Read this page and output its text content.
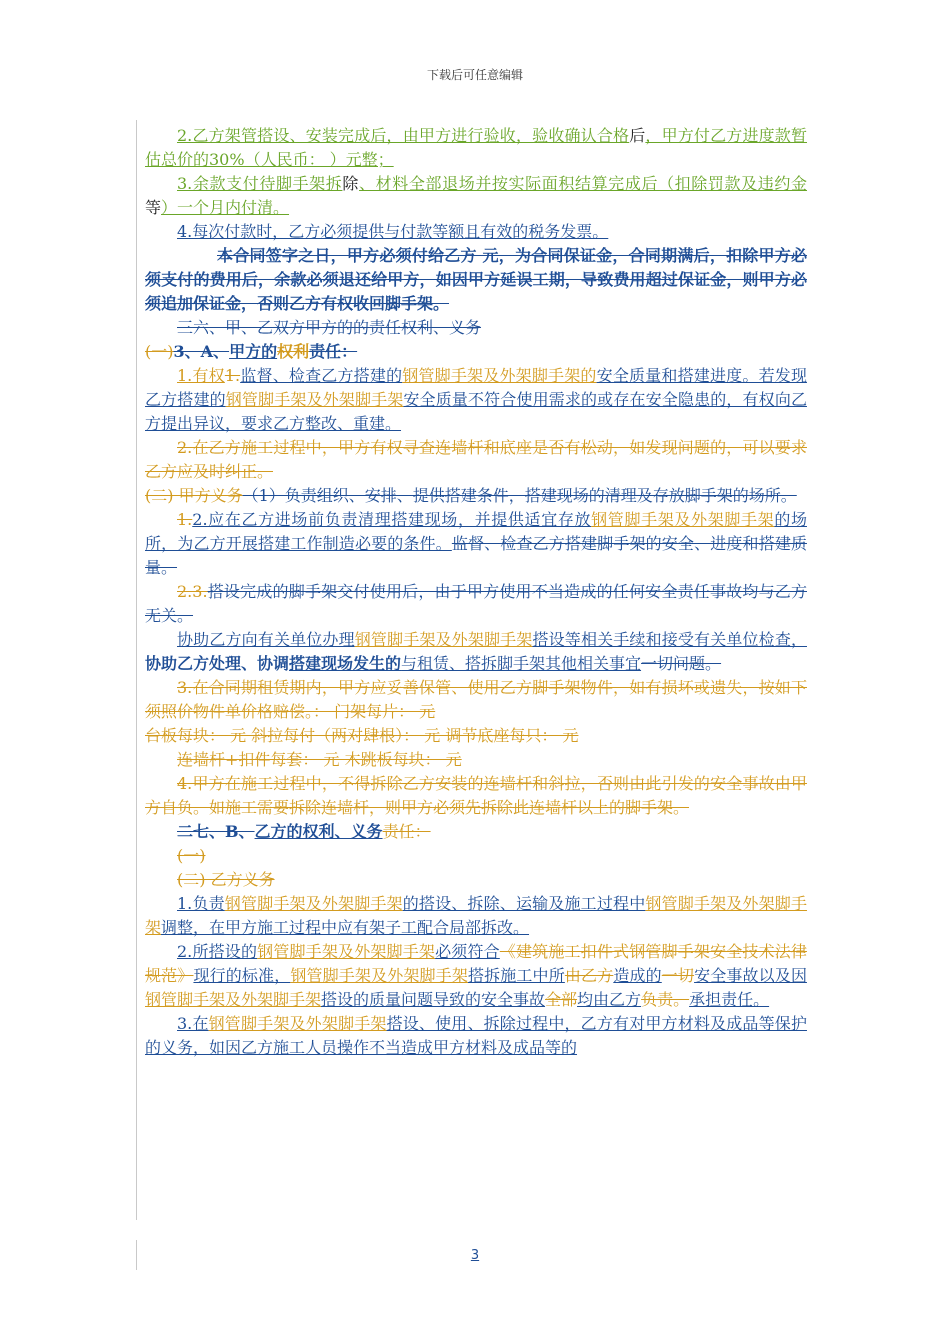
下载后可任意编辑

2.乙方架管搭设、安装完成后，由甲方进行验收，验收确认合格后，甲方付乙方进度款暂估总价的30%（人民币： ）元整；

3.余款支付待脚手架拆除、材料全部退场并按实际面积结算完成后（扣除罚款及违约金等）一个月内付清。

4.每次付款时，乙方必须提供与付款等额且有效的税务发票。

本合同签字之日，甲方必须付给乙方 元，为合同保证金，合同期满后，扣除甲方必须支付的费用后，余款必须退还给甲方，如因甲方延误工期，导致费用超过保证金，则甲方必须追加保证金，否则乙方有权收回脚手架。

三六、甲、乙双方甲方的的责任权利、义务

(一)3、A、甲方的权利责任：

1.有权1.监督、检查乙方搭建的钢管脚手架及外架脚手架的安全质量和搭建进度。若发现乙方搭建的钢管脚手架及外架脚手架安全质量不符合使用需求的或存在安全隐患的，有权向乙方提出异议，要求乙方整改、重建。

2.在乙方施工过程中，甲方有权寻查连墙杆和底座是否有松动，如发现问题的，可以要求乙方应及时纠正。

(二) 甲方义务（1）负责组织、安排、提供搭建条件，搭建现场的清理及存放脚手架的场所。

1.2.应在乙方进场前负责清理搭建现场，并提供适宜存放钢管脚手架及外架脚手架的场所，为乙方开展搭建工作制造必要的条件。监督、检查乙方搭建脚手架的安全、进度和搭建质量。

2.3.搭设完成的脚手架交付使用后，由于甲方使用不当造成的任何安全责任事故均与乙方无关。

协助乙方向有关单位办理钢管脚手架及外架脚手架搭设等相关手续和接受有关单位检查，协助乙方处理、协调搭建现场发生的与租赁、搭拆脚手架其他相关事宜一切问题。

3.在合同期租赁期内，甲方应妥善保管、使用乙方脚手架物件，如有损坏或遗失，按如下须照价物件单价格赔偿。： 门架每片： 元

台板每块： 元 斜拉每付（两对肆根）： 元 调节底座每只： 元

连墙杆+扣件每套： 元 木跳板每块： 元

4.甲方在施工过程中，不得拆除乙方安装的连墙杆和斜拉，否则由此引发的安全事故由甲方自负。如施工需要拆除连墙杆，则甲方必须先拆除此连墙杆以上的脚手架。

二七、B、乙方的权利、义务责任：

(一)

(二) 乙方义务

1.负责钢管脚手架及外架脚手架的搭设、拆除、运输及施工过程中钢管脚手架及外架脚手架调整，在甲方施工过程中应有架子工配合局部拆改。

2.所搭设的钢管脚手架及外架脚手架必须符合《建筑施工扣件式钢管脚手架安全技术法律规范》现行的标准，钢管脚手架及外架脚手架搭拆施工中所由乙方造成的一切安全事故以及因钢管脚手架及外架脚手架搭设的质量问题导致的安全事故全部均由乙方负责。承担责任。

3.在钢管脚手架及外架脚手架搭设、使用、拆除过程中，乙方有对甲方材料及成品等保护的义务，如因乙方施工人员操作不当造成甲方材料及成品等的

3
